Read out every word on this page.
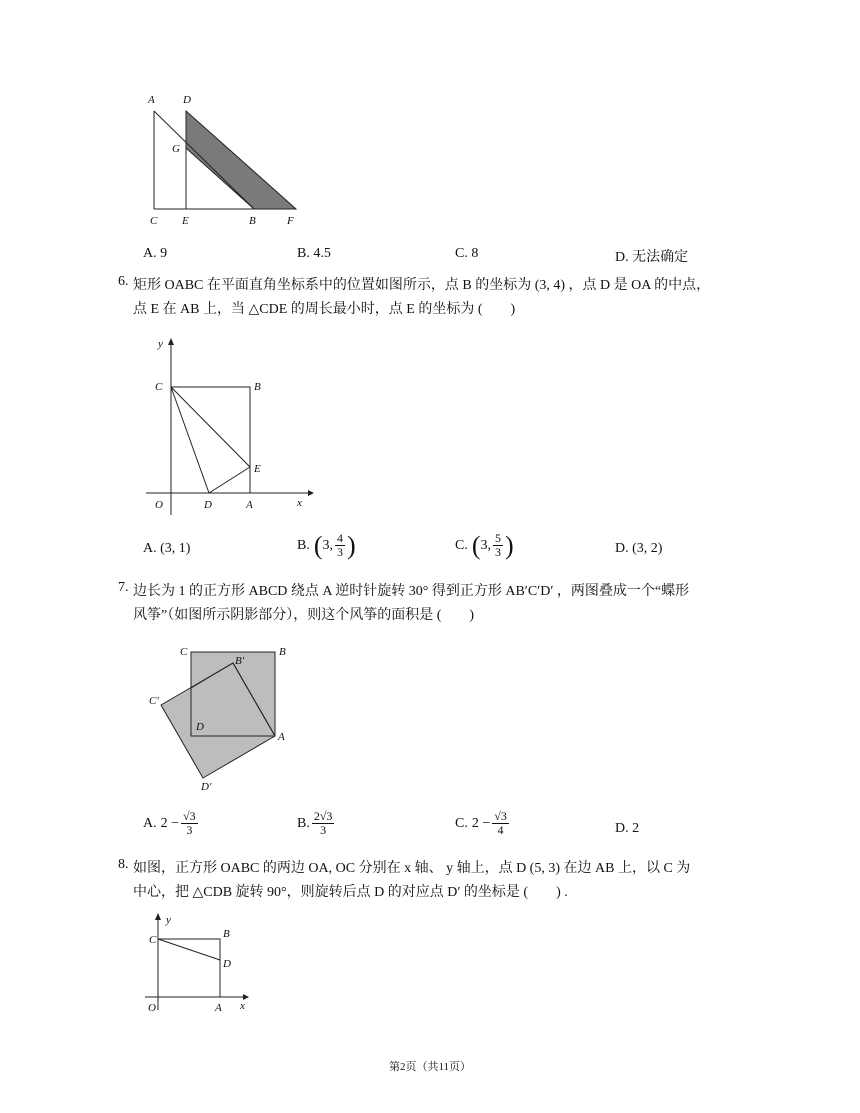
A	D
G
C E	B	F
A. 9	B. 4.5	C. 8	D. 无法确定
6. 矩形 OABC 在平面直角坐标系中的位置如图所示，点 B 的坐标为 (3, 4) ，点 D 是 OA 的中点，
点 E 在 AB 上，当 △CDE 的周长最小时，点 E 的坐标为 (　　)
y
C	B
E
O	D	A	x
A. (3, 1)	B. ( 3, $\frac{4}{3}$ )	C. ( 3, $\frac{5}{3}$ )	D. (3, 2)
7. 边长为 1 的正方形 ABCD 绕点 A 逆时针旋转 30° 得到正方形 AB′C′D′ ，两图叠成一个“蝶形
风筝”（如图所示阴影部分），则这个风筝的面积是 (　　)
C
B′
B
C′
D
A
D′
A. $2 - \frac{√3}{3}$	B. $\frac{2√3}{3}$	C. $2 - \frac{√3}{4}$	D. 2
8. 如图，正方形 OABC 的两边 OA, OC 分别在 x 轴、 y 轴上，点 D (5, 3) 在边 AB 上，以 C 为
中心，把 △CDB 旋转 90°，则旋转后点 D 的对应点 D′ 的坐标是 (　　) .
C
y
B
D
O	A x
第2页（共11页）
